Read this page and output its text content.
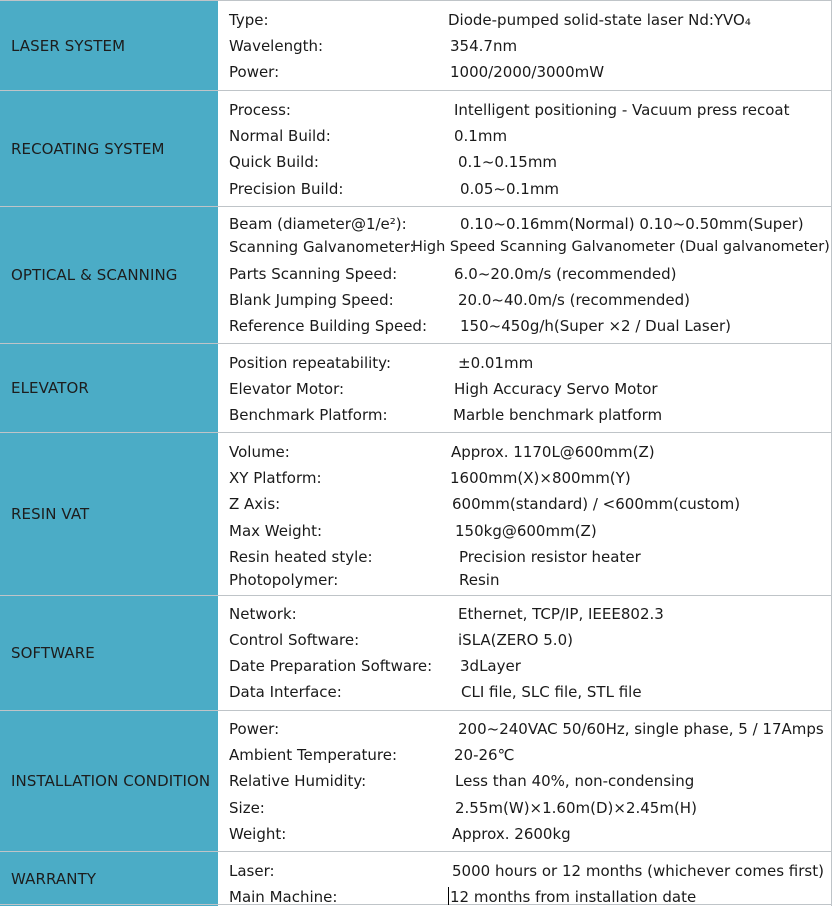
LASER SYSTEM
Type:	Diode-pumped solid-state laser Nd:YVO₄
Wavelength:	354.7nm
Power:	1000/2000/3000mW
RECOATING SYSTEM
Process:	Intelligent positioning - Vacuum press recoat
Normal Build:	0.1mm
Quick Build:	0.1~0.15mm
Precision Build:	0.05~0.1mm
OPTICAL & SCANNING
Beam (diameter@1/e²):	0.10~0.16mm(Normal) 0.10~0.50mm(Super)
Scanning Galvanometer:
High Speed Scanning Galvanometer (Dual galvanometer)
Parts Scanning Speed:	6.0~20.0m/s (recommended)
Blank Jumping Speed:	20.0~40.0m/s (recommended)
Reference Building Speed: 150~450g/h(Super ×2 / Dual Laser)
ELEVATOR
Position repeatability:	±0.01mm
Elevator Motor:	High Accuracy Servo Motor
Benchmark Platform:	Marble benchmark platform
RESIN VAT
Volume:	Approx. 1170L@600mm(Z)
XY Platform:	1600mm(X)×800mm(Y)
Z Axis:	600mm(standard) / <600mm(custom)
Max Weight:	150kg@600mm(Z)
Resin heated style:	Precision resistor heater
Photopolymer:	Resin
SOFTWARE
Network:	Ethernet, TCP/IP, IEEE802.3
Control Software:	iSLA(ZERO 5.0)
Date Preparation Software: 3dLayer
Data Interface:	CLI file, SLC file, STL file
INSTALLATION CONDITION
Power:	200~240VAC 50/60Hz, single phase, 5 / 17Amps
Ambient Temperature:	20-26℃
Relative Humidity:	Less than 40%, non-condensing
Size:	2.55m(W)×1.60m(D)×2.45m(H)
Weight:	Approx. 2600kg
WARRANTY	Laser:	5000 hours or 12 months (whichever comes first)
Main Machine:	12 months from installation date
